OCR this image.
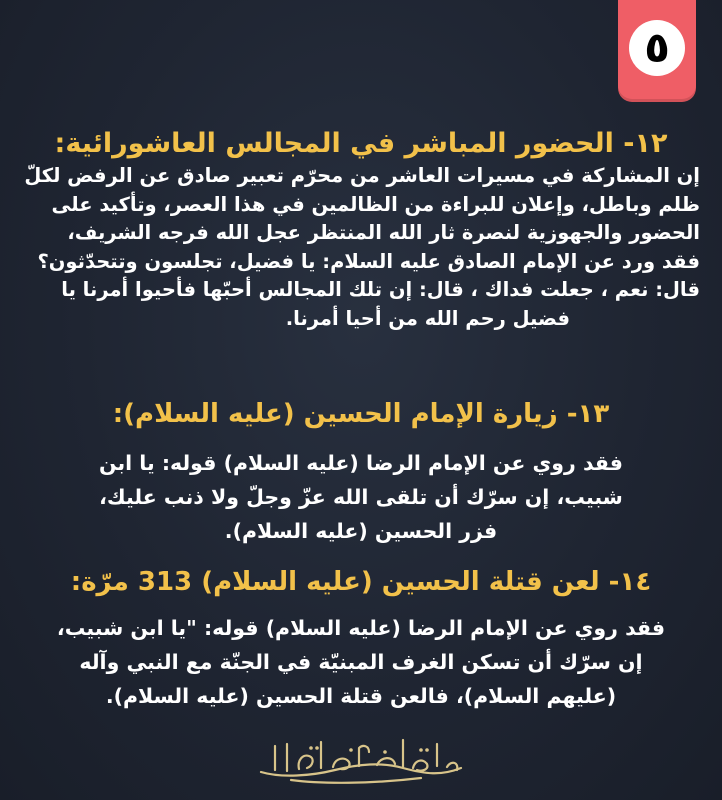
٥
١٢- الحضور المباشر في المجالس العاشورائية:
إن المشاركة في مسيرات العاشر من محرّم تعبير صادق عن الرفض لكلّ
ظلم وباطل، وإعلان للبراءة من الظالمين في هذا العصر، وتأكيد على
الحضور والجهوزية لنصرة ثار الله المنتظر عجل الله فرجه الشريف،
فقد ورد عن الإمام الصادق عليه السلام: يا فضيل، تجلسون وتتحدّثون؟
قال: نعم ، جعلت فداك ، قال: إن تلك المجالس أحبّها فأحيوا أمرنا يا
فضيل رحم الله من أحيا أمرنا.
١٣- زيارة الإمام الحسين (عليه السلام):
فقد روي عن الإمام الرضا (عليه السلام) قوله: يا ابن
شبيب، إن سرّك أن تلقى الله عزّ وجلّ ولا ذنب عليك،
فزر الحسين (عليه السلام).
١٤- لعن قتلة الحسين (عليه السلام) 313 مرّة:
فقد روي عن الإمام الرضا (عليه السلام) قوله: "يا ابن شبيب،
إن سرّك أن تسكن الغرف المبنيّة في الجنّة مع النبي وآله
(عليهم السلام)، فالعن قتلة الحسين (عليه السلام).
